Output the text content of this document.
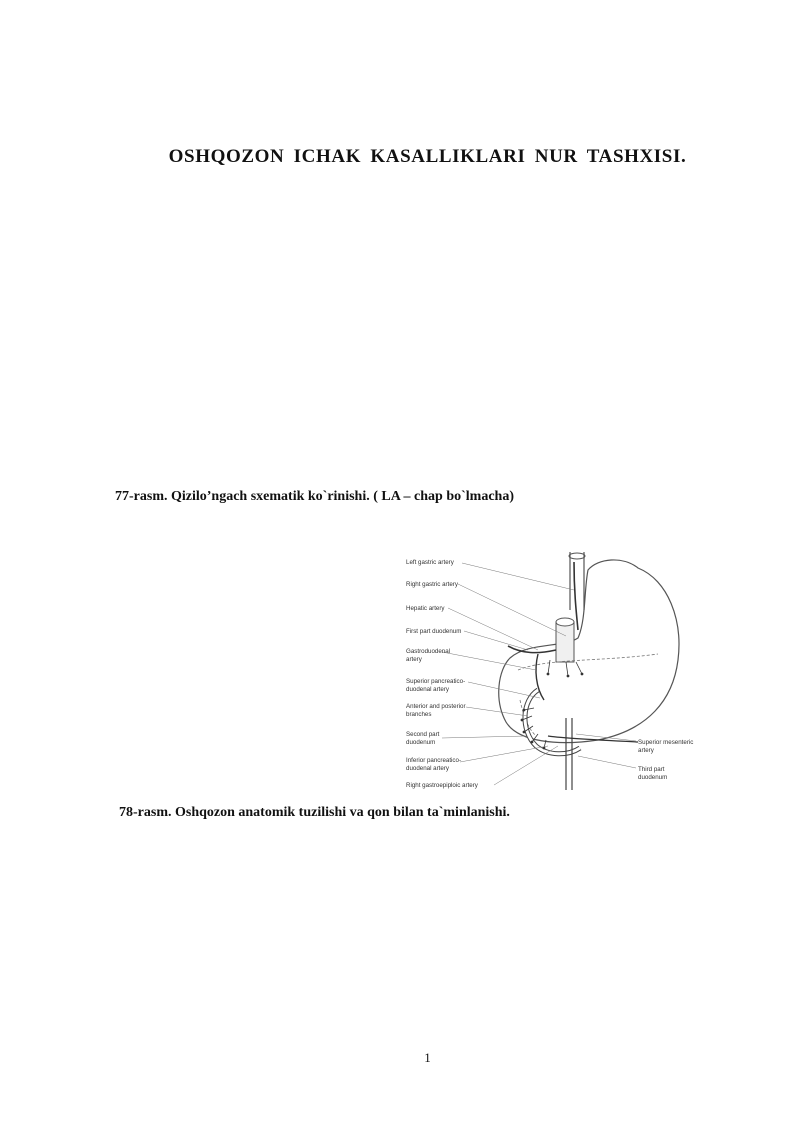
OSHQOZON ICHAK KASALLIKLARI NUR TASHXISI.
77-rasm. Qizilo’ngach sxematik ko`rinishi. ( LA – chap bo`lmacha)
Left gastric artery
Right gastric artery
Hepatic artery
First part duodenum
Gastroduodenal
artery
Superior pancreatico-
duodenal artery
Anterior and posterior
branches
Second part
duodenum
Inferior pancreatico-
duodenal artery
Right gastroepiploic artery
Superior mesenteric
artery
Third part
duodenum
78-rasm. Oshqozon anatomik tuzilishi va qon bilan ta`minlanishi.
1
